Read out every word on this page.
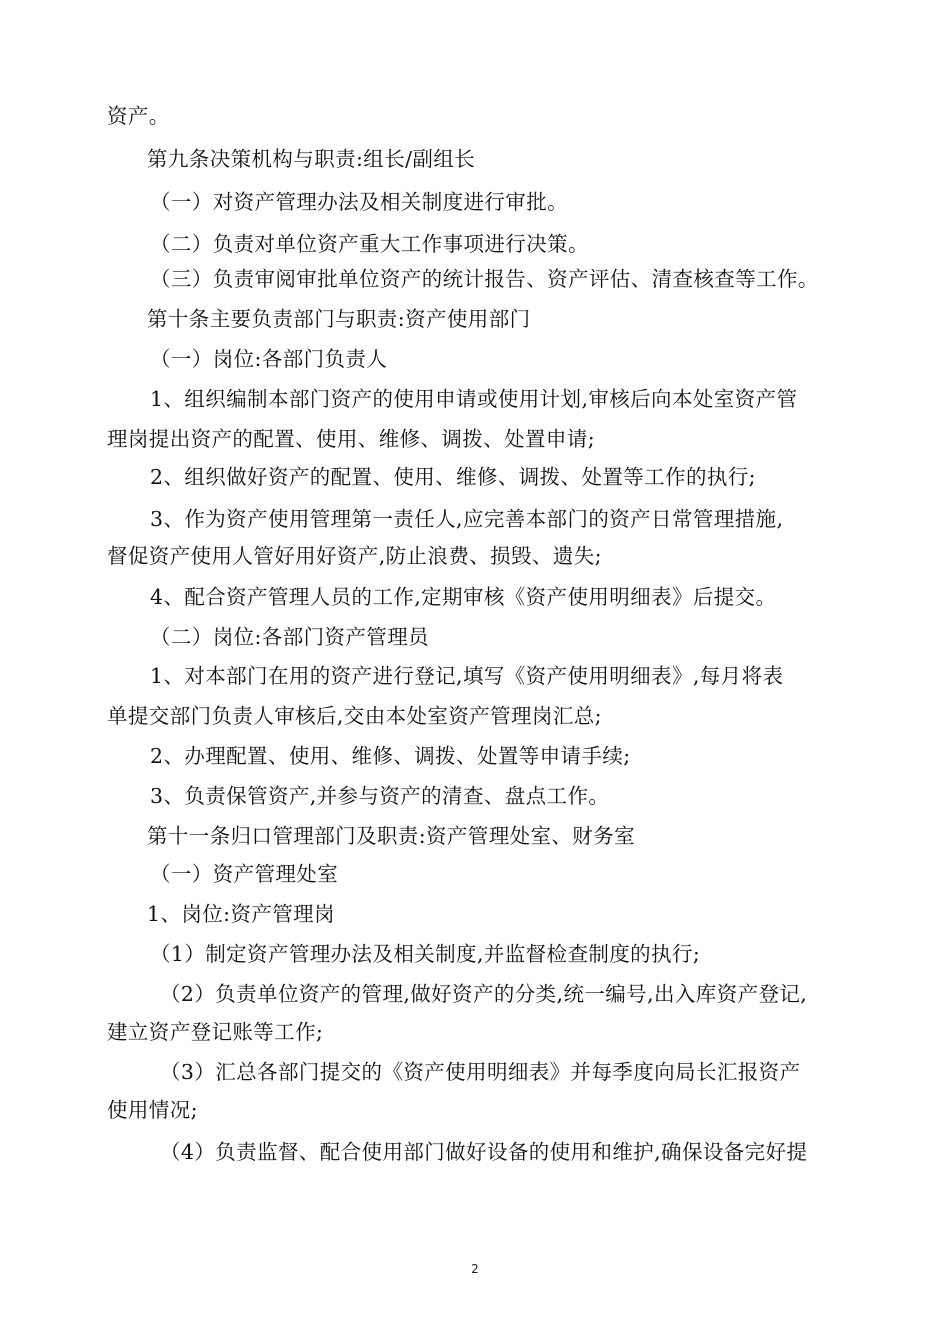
资产。
第九条决策机构与职责:组长/副组长
（一）对资产管理办法及相关制度进行审批。
（二）负责对单位资产重大工作事项进行决策。
（三）负责审阅审批单位资产的统计报告、资产评估、清查核查等工作。
第十条主要负责部门与职责:资产使用部门
（一）岗位:各部门负责人
1、组织编制本部门资产的使用申请或使用计划,审核后向本处室资产管
理岗提出资产的配置、使用、维修、调拨、处置申请;
2、组织做好资产的配置、使用、维修、调拨、处置等工作的执行;
3、作为资产使用管理第一责任人,应完善本部门的资产日常管理措施,
督促资产使用人管好用好资产,防止浪费、损毁、遗失;
4、配合资产管理人员的工作,定期审核《资产使用明细表》后提交。
（二）岗位:各部门资产管理员
1、对本部门在用的资产进行登记,填写《资产使用明细表》,每月将表
单提交部门负责人审核后,交由本处室资产管理岗汇总;
2、办理配置、使用、维修、调拨、处置等申请手续;
3、负责保管资产,并参与资产的清查、盘点工作。
第十一条归口管理部门及职责:资产管理处室、财务室
（一）资产管理处室
1、岗位:资产管理岗
（1）制定资产管理办法及相关制度,并监督检查制度的执行;
（2）负责单位资产的管理,做好资产的分类,统一编号,出入库资产登记,
建立资产登记账等工作;
（3）汇总各部门提交的《资产使用明细表》并每季度向局长汇报资产
使用情况;
（4）负责监督、配合使用部门做好设备的使用和维护,确保设备完好提
2
